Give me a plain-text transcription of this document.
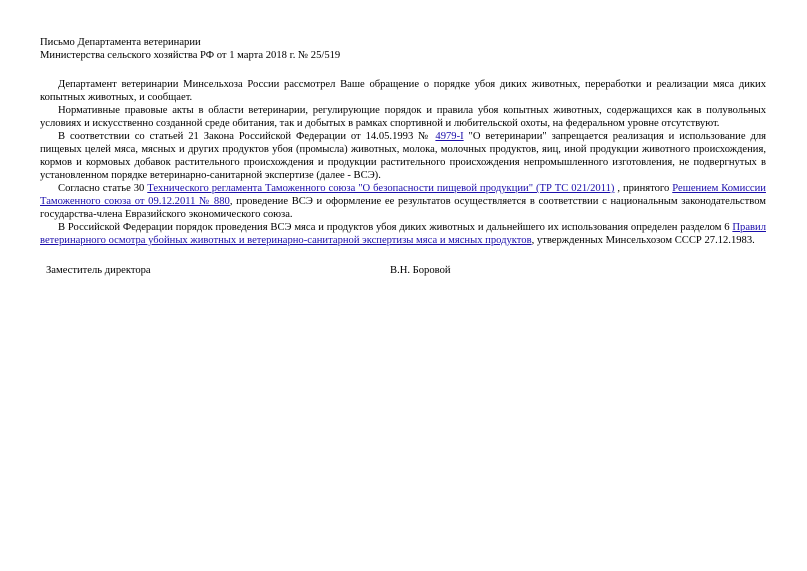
Письмо Департамента ветеринарии

Министерства сельского хозяйства РФ от 1 марта 2018 г. № 25/519

Департамент ветеринарии Минсельхоза России рассмотрел Ваше обращение о порядке убоя диких животных, переработки и реализации мяса диких копытных животных, и сообщает.

Нормативные правовые акты в области ветеринарии, регулирующие порядок и правила убоя копытных животных, содержащихся как в полувольных условиях и искусственно созданной среде обитания, так и добытых в рамках спортивной и любительской охоты, на федеральном уровне отсутствуют.

В соответствии со статьей 21 Закона Российской Федерации от 14.05.1993 № 4979-I "О ветеринарии" запрещается реализация и использование для пищевых целей мяса, мясных и других продуктов убоя (промысла) животных, молока, молочных продуктов, яиц, иной продукции животного происхождения, кормов и кормовых добавок растительного происхождения и продукции растительного происхождения непромышленного изготовления, не подвергнутых в установленном порядке ветеринарно-санитарной экспертизе (далее - ВСЭ).

Согласно статье 30 Технического регламента Таможенного союза "О безопасности пищевой продукции" (ТР ТС 021/2011) , принятого Решением Комиссии Таможенного союза от 09.12.2011 № 880, проведение ВСЭ и оформление ее результатов осуществляется в соответствии с национальным законодательством государства-члена Евразийского экономического союза.

В Российской Федерации порядок проведения ВСЭ мяса и продуктов убоя диких животных и дальнейшего их использования определен разделом 6 Правил ветеринарного осмотра убойных животных и ветеринарно-санитарной экспертизы мяса и мясных продуктов, утвержденных Минсельхозом СССР 27.12.1983.

Заместитель директора	В.Н. Боровой
